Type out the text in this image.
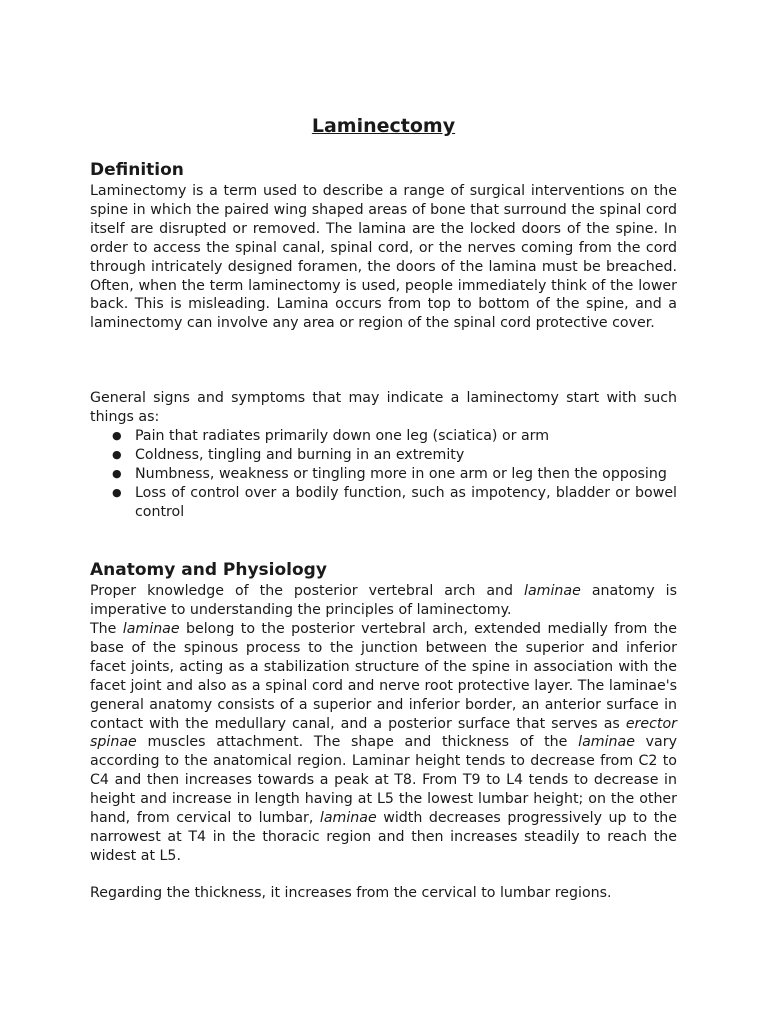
Laminectomy
Definition

Laminectomy is a term used to describe a range of surgical interventions on the spine in which the paired wing shaped areas of bone that surround the spinal cord itself are disrupted or removed. The lamina are the locked doors of the spine. In order to access the spinal canal, spinal cord, or the nerves coming from the cord through intricately designed foramen, the doors of the lamina must be breached. Often, when the term laminectomy is used, people immediately think of the lower back. This is misleading. Lamina occurs from top to bottom of the spine, and a laminectomy can involve any area or region of the spinal cord protective cover.

General signs and symptoms that may indicate a laminectomy start with such things as:

● Pain that radiates primarily down one leg (sciatica) or arm
● Coldness, tingling and burning in an extremity
● Numbness, weakness or tingling more in one arm or leg then the opposing
● Loss of control over a bodily function, such as impotency, bladder or bowel control
Anatomy and Physiology

Proper knowledge of the posterior vertebral arch and laminae anatomy is imperative to understanding the principles of laminectomy.

The laminae belong to the posterior vertebral arch, extended medially from the base of the spinous process to the junction between the superior and inferior facet joints, acting as a stabilization structure of the spine in association with the facet joint and also as a spinal cord and nerve root protective layer. The laminae's general anatomy consists of a superior and inferior border, an anterior surface in contact with the medullary canal, and a posterior surface that serves as erector spinae muscles attachment. The shape and thickness of the laminae vary according to the anatomical region. Laminar height tends to decrease from C2 to C4 and then increases towards a peak at T8. From T9 to L4 tends to decrease in height and increase in length having at L5 the lowest lumbar height; on the other hand, from cervical to lumbar, laminae width decreases progressively up to the narrowest at T4 in the thoracic region and then increases steadily to reach the widest at L5.

Regarding the thickness, it increases from the cervical to lumbar regions.
